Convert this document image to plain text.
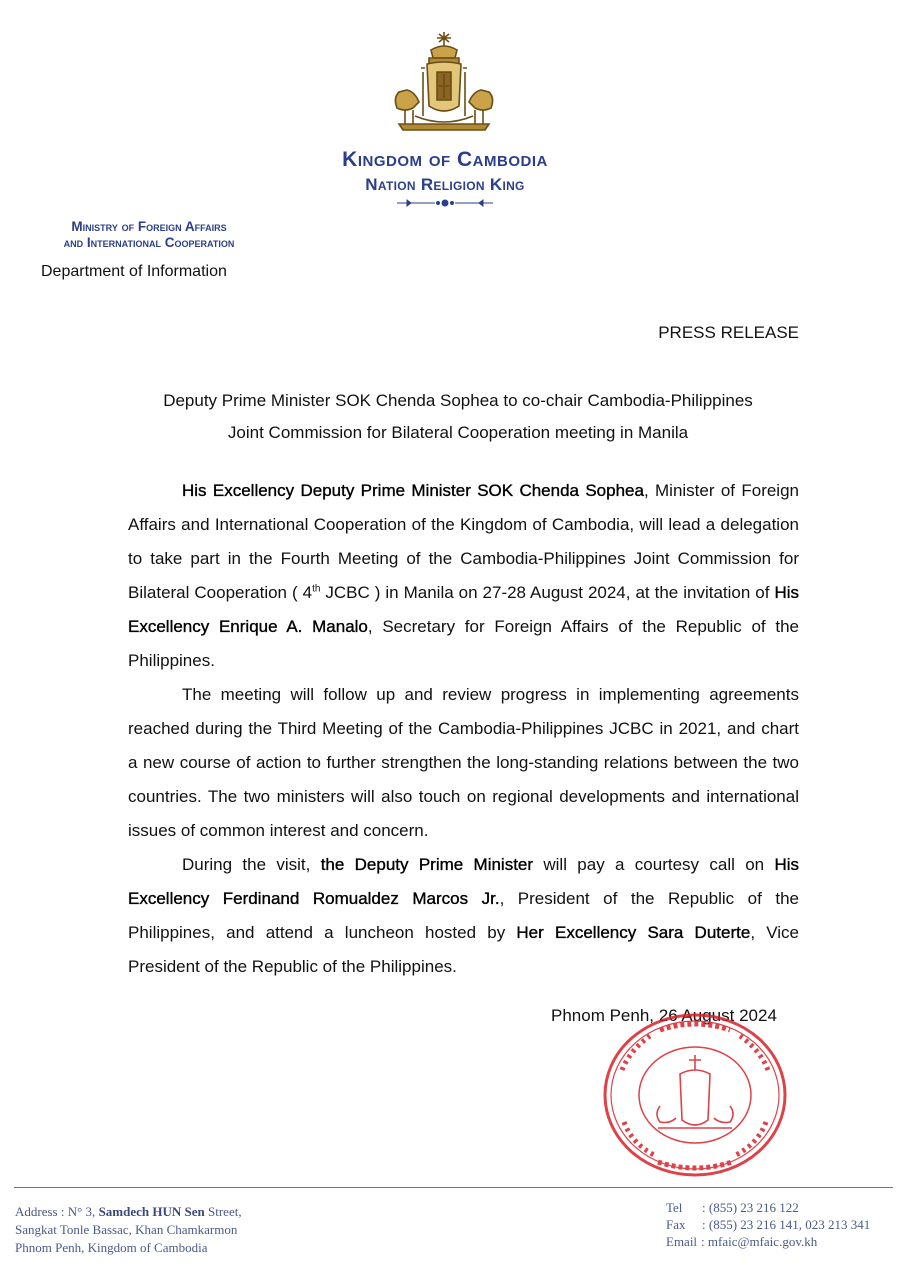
Kingdom of Cambodia
Nation Religion King
Ministry of Foreign Affairs
and International Cooperation
Department of Information
PRESS RELEASE
Deputy Prime Minister SOK Chenda Sophea to co-chair Cambodia-Philippines
Joint Commission for Bilateral Cooperation meeting in Manila

His Excellency Deputy Prime Minister SOK Chenda Sophea, Minister of Foreign Affairs and International Cooperation of the Kingdom of Cambodia, will lead a delegation to take part in the Fourth Meeting of the Cambodia-Philippines Joint Commission for Bilateral Cooperation ( 4th JCBC ) in Manila on 27-28 August 2024, at the invitation of His Excellency Enrique A. Manalo, Secretary for Foreign Affairs of the Republic of the Philippines.

The meeting will follow up and review progress in implementing agreements reached during the Third Meeting of the Cambodia-Philippines JCBC in 2021, and chart a new course of action to further strengthen the long-standing relations between the two countries. The two ministers will also touch on regional developments and international issues of common interest and concern.

During the visit, the Deputy Prime Minister will pay a courtesy call on His Excellency Ferdinand Romualdez Marcos Jr., President of the Republic of the Philippines, and attend a luncheon hosted by Her Excellency Sara Duterte, Vice President of the Republic of the Philippines.

Phnom Penh, 26 August 2024
Address : N° 3, Samdech HUN Sen Street,
Sangkat Tonle Bassac, Khan Chamkarmon
Phnom Penh, Kingdom of Cambodia
Tel	: (855) 23 216 122
Fax	: (855) 23 216 141, 023 213 341
Email : mfaic@mfaic.gov.kh
